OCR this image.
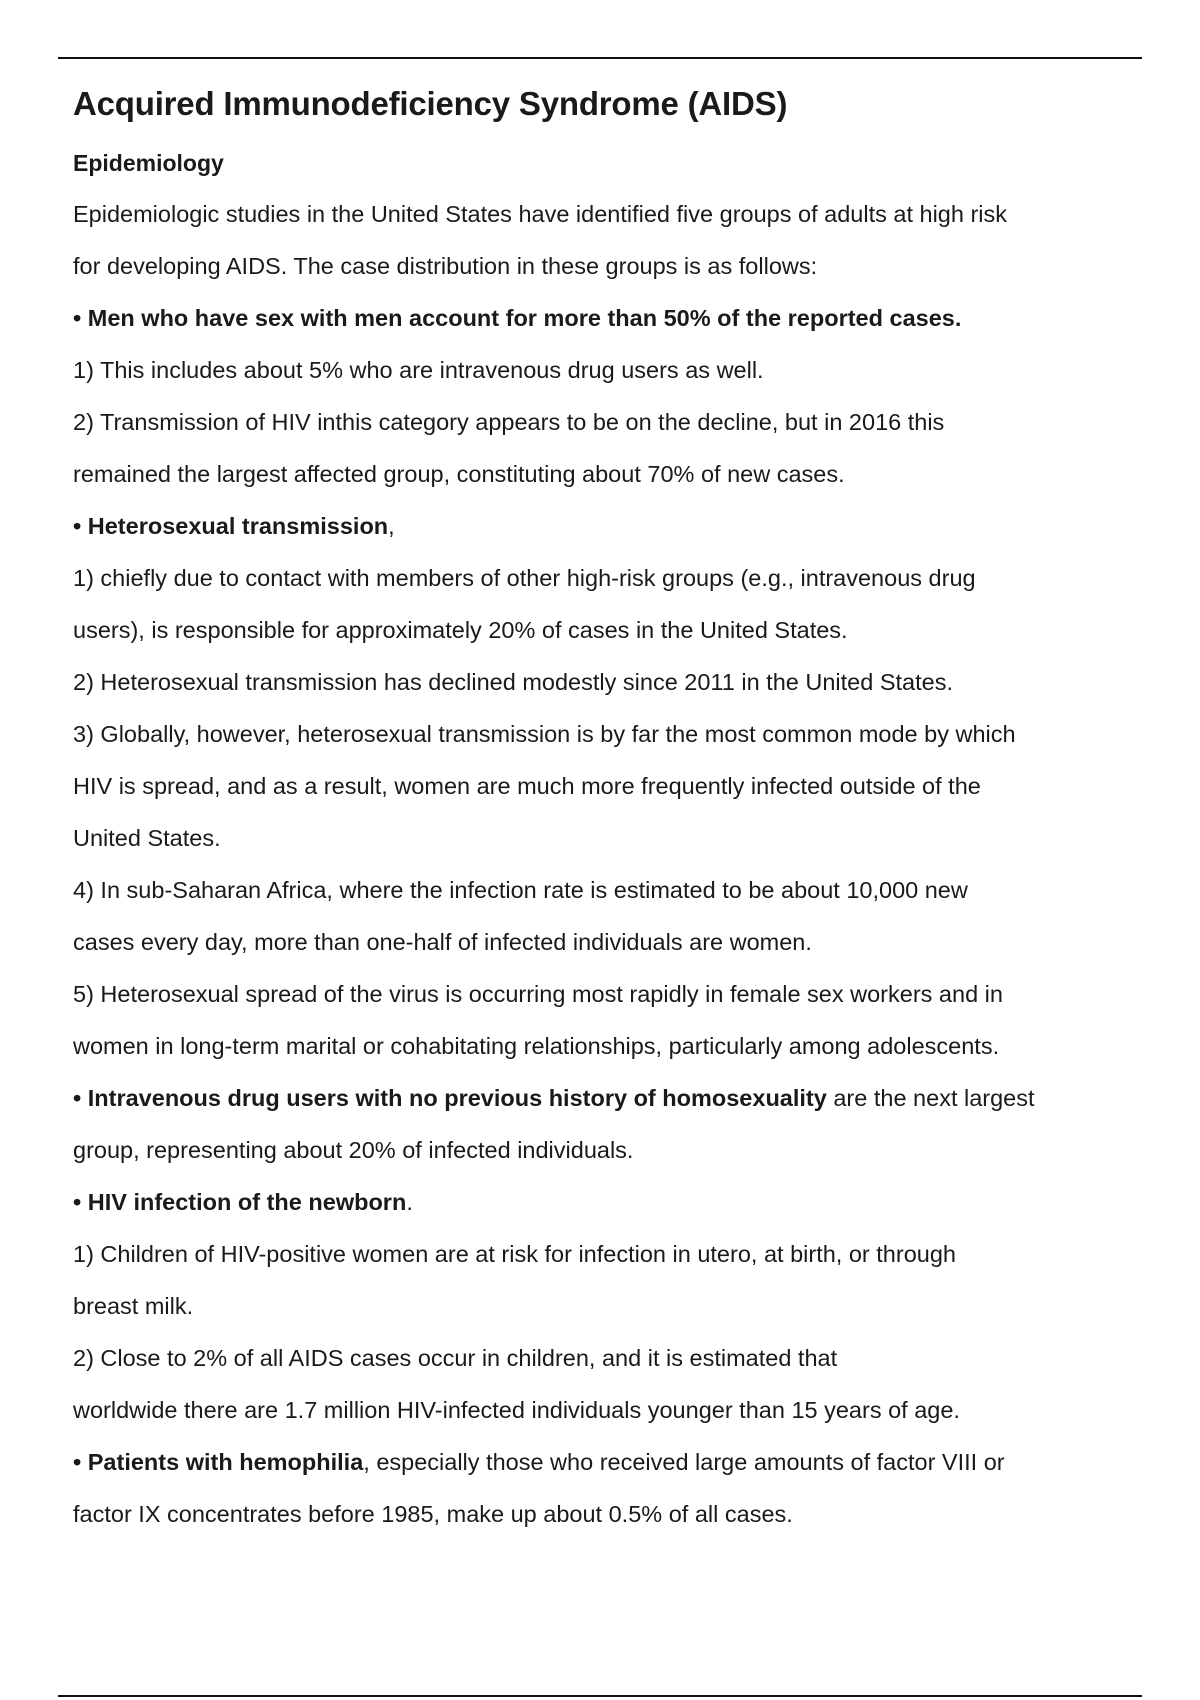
Acquired Immunodeficiency Syndrome (AIDS)
Epidemiology
Epidemiologic studies in the United States have identified five groups of adults at high risk
for developing AIDS. The case distribution in these groups is as follows:
• Men who have sex with men account for more than 50% of the reported cases.
1) This includes about 5% who are intravenous drug users as well.
2) Transmission of HIV inthis category appears to be on the decline, but in 2016 this
remained the largest affected group, constituting about 70% of new cases.
• Heterosexual transmission,
1) chiefly due to contact with members of other high-risk groups (e.g., intravenous drug
users), is responsible for approximately 20% of cases in the United States.
2) Heterosexual transmission has declined modestly since 2011 in the United States.
3) Globally, however, heterosexual transmission is by far the most common mode by which
HIV is spread, and as a result, women are much more frequently infected outside of the
United States.
4) In sub-Saharan Africa, where the infection rate is estimated to be about 10,000 new
cases every day, more than one-half of infected individuals are women.
5) Heterosexual spread of the virus is occurring most rapidly in female sex workers and in
women in long-term marital or cohabitating relationships, particularly among adolescents.
• Intravenous drug users with no previous history of homosexuality are the next largest
group, representing about 20% of infected individuals.
• HIV infection of the newborn.
1) Children of HIV-positive women are at risk for infection in utero, at birth, or through
breast milk.
2) Close to 2% of all AIDS cases occur in children, and it is estimated that
worldwide there are 1.7 million HIV-infected individuals younger than 15 years of age.
• Patients with hemophilia, especially those who received large amounts of factor VIII or
factor IX concentrates before 1985, make up about 0.5% of all cases.
